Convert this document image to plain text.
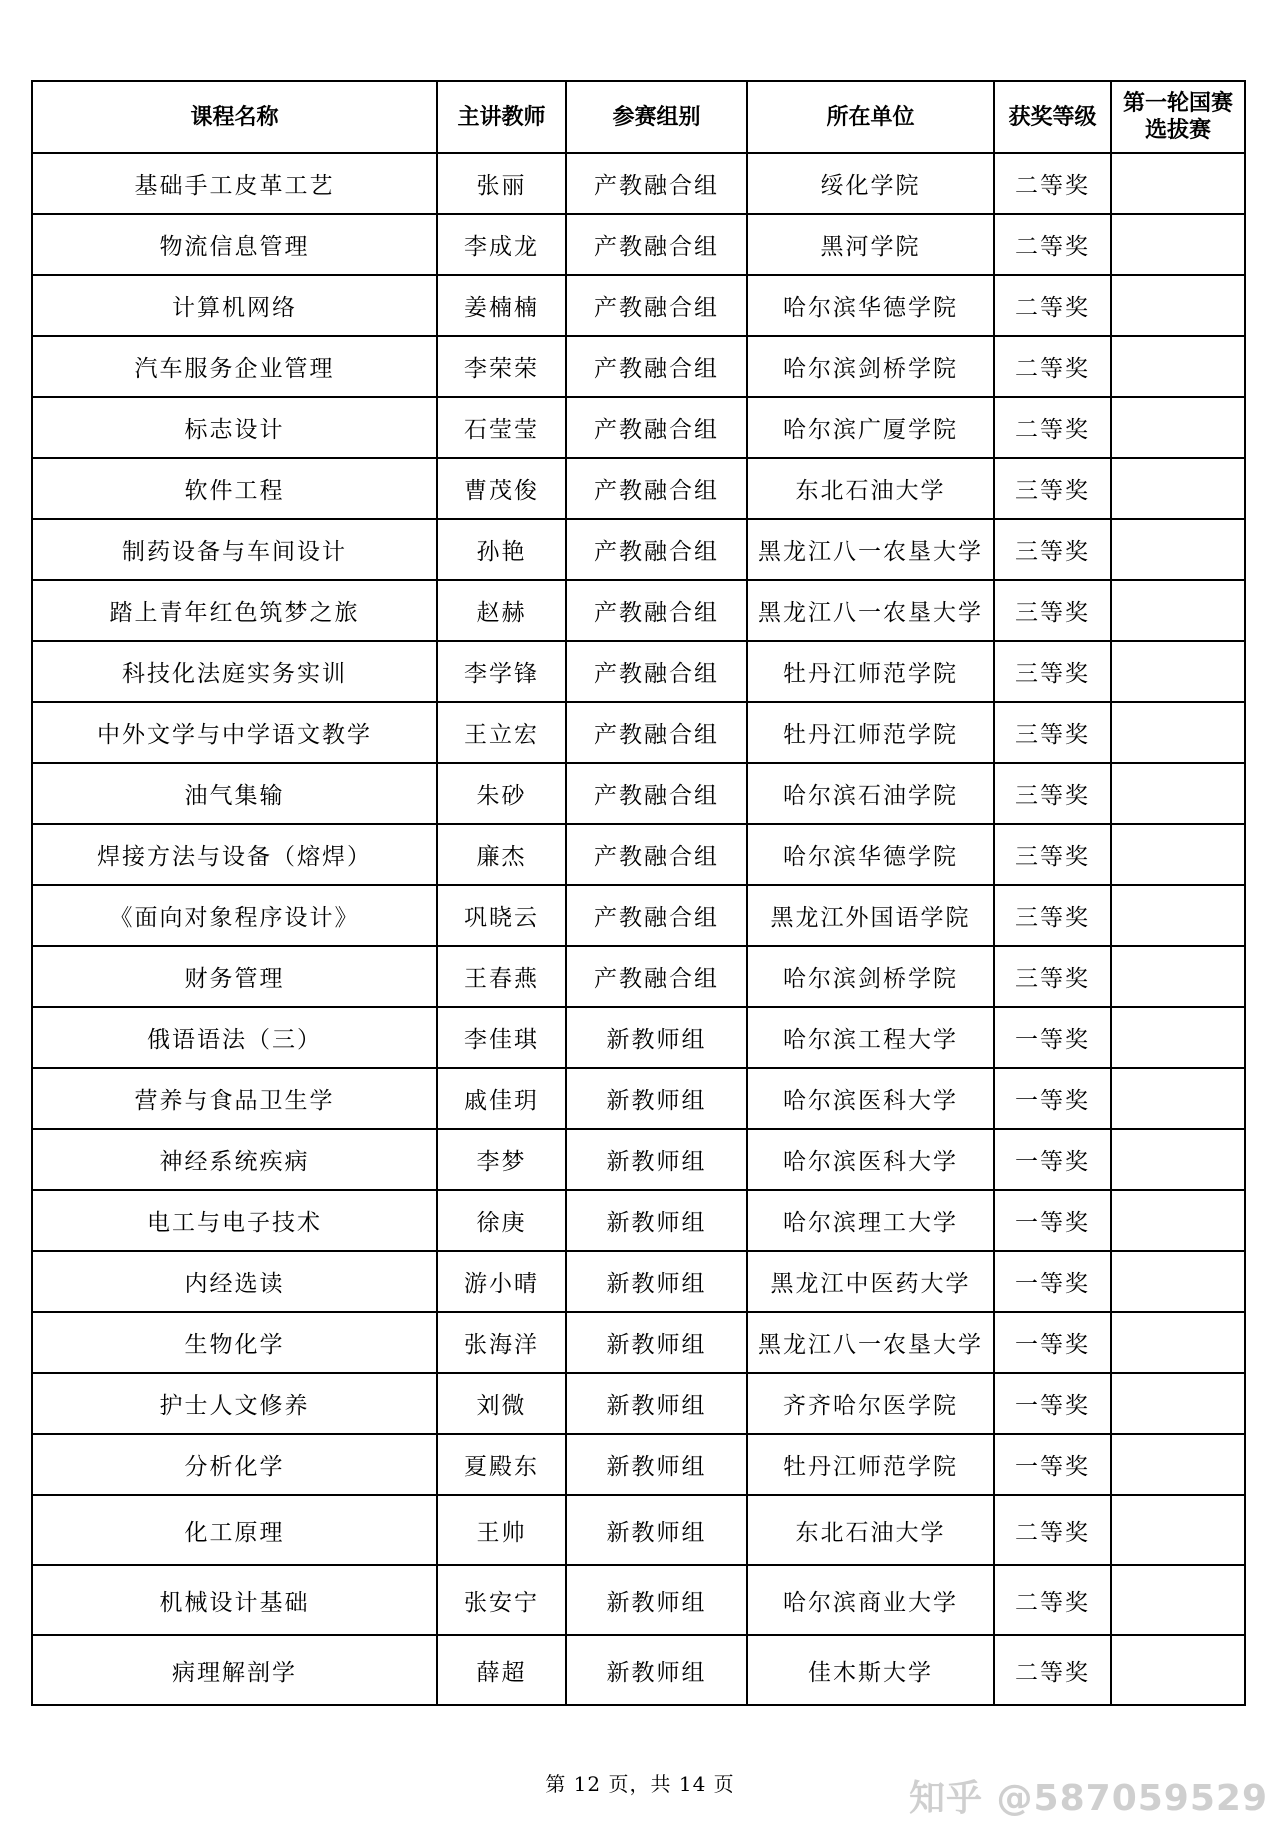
课程名称	主讲教师	参赛组别	所在单位	获奖等级	第一轮国赛选拔赛
基础手工皮革工艺	张丽	产教融合组	绥化学院	二等奖	
物流信息管理	李成龙	产教融合组	黑河学院	二等奖	
计算机网络	姜楠楠	产教融合组	哈尔滨华德学院	二等奖	
汽车服务企业管理	李荣荣	产教融合组	哈尔滨剑桥学院	二等奖	
标志设计	石莹莹	产教融合组	哈尔滨广厦学院	二等奖	
软件工程	曹茂俊	产教融合组	东北石油大学	三等奖	
制药设备与车间设计	孙艳	产教融合组	黑龙江八一农垦大学	三等奖	
踏上青年红色筑梦之旅	赵赫	产教融合组	黑龙江八一农垦大学	三等奖	
科技化法庭实务实训	李学锋	产教融合组	牡丹江师范学院	三等奖	
中外文学与中学语文教学	王立宏	产教融合组	牡丹江师范学院	三等奖	
油气集输	朱砂	产教融合组	哈尔滨石油学院	三等奖	
焊接方法与设备（熔焊）	廉杰	产教融合组	哈尔滨华德学院	三等奖	
《面向对象程序设计》	巩晓云	产教融合组	黑龙江外国语学院	三等奖	
财务管理	王春燕	产教融合组	哈尔滨剑桥学院	三等奖	
俄语语法（三）	李佳琪	新教师组	哈尔滨工程大学	一等奖	
营养与食品卫生学	戚佳玥	新教师组	哈尔滨医科大学	一等奖	
神经系统疾病	李梦	新教师组	哈尔滨医科大学	一等奖	
电工与电子技术	徐庚	新教师组	哈尔滨理工大学	一等奖	
内经选读	游小晴	新教师组	黑龙江中医药大学	一等奖	
生物化学	张海洋	新教师组	黑龙江八一农垦大学	一等奖	
护士人文修养	刘微	新教师组	齐齐哈尔医学院	一等奖	
分析化学	夏殿东	新教师组	牡丹江师范学院	一等奖	
化工原理	王帅	新教师组	东北石油大学	二等奖	
机械设计基础	张安宁	新教师组	哈尔滨商业大学	二等奖	
病理解剖学	薛超	新教师组	佳木斯大学	二等奖	
第 12 页，共 14 页	知乎 @587059529
